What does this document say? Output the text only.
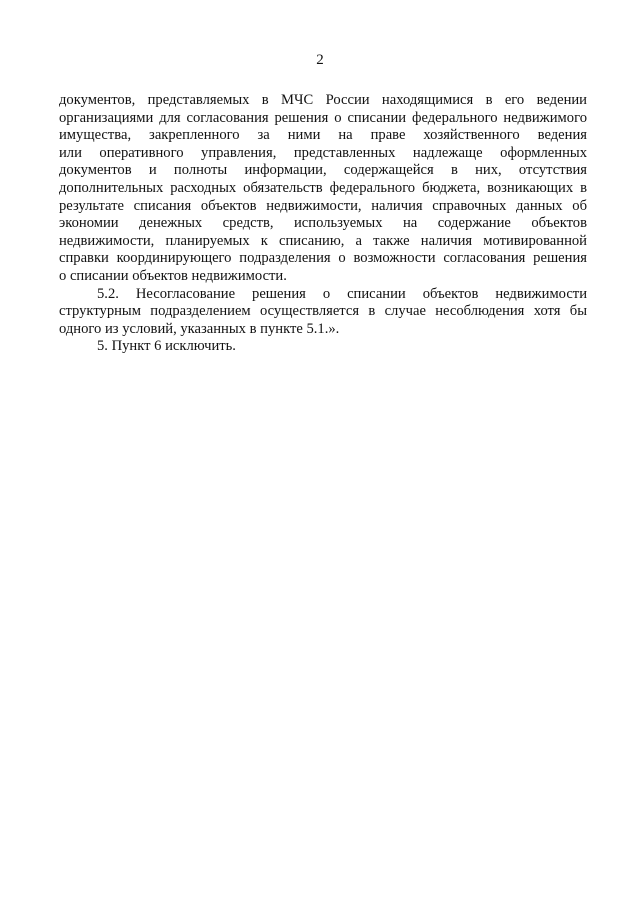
2
документов, представляемых в МЧС России находящимися в его ведении
организациями для согласования решения о списании федерального недвижимого
имущества, закрепленного за ними на праве хозяйственного ведения
или оперативного управления, представленных надлежаще оформленных
документов и полноты информации, содержащейся в них, отсутствия
дополнительных расходных обязательств федерального бюджета, возникающих в
результате списания объектов недвижимости, наличия справочных данных об
экономии денежных средств, используемых на содержание объектов
недвижимости, планируемых к списанию, а также наличия мотивированной
справки координирующего подразделения о возможности согласования решения
о списании объектов недвижимости.
5.2. Несогласование решения о списании объектов недвижимости
структурным подразделением осуществляется в случае несоблюдения хотя бы
одного из условий, указанных в пункте 5.1.».
5. Пункт 6 исключить.
